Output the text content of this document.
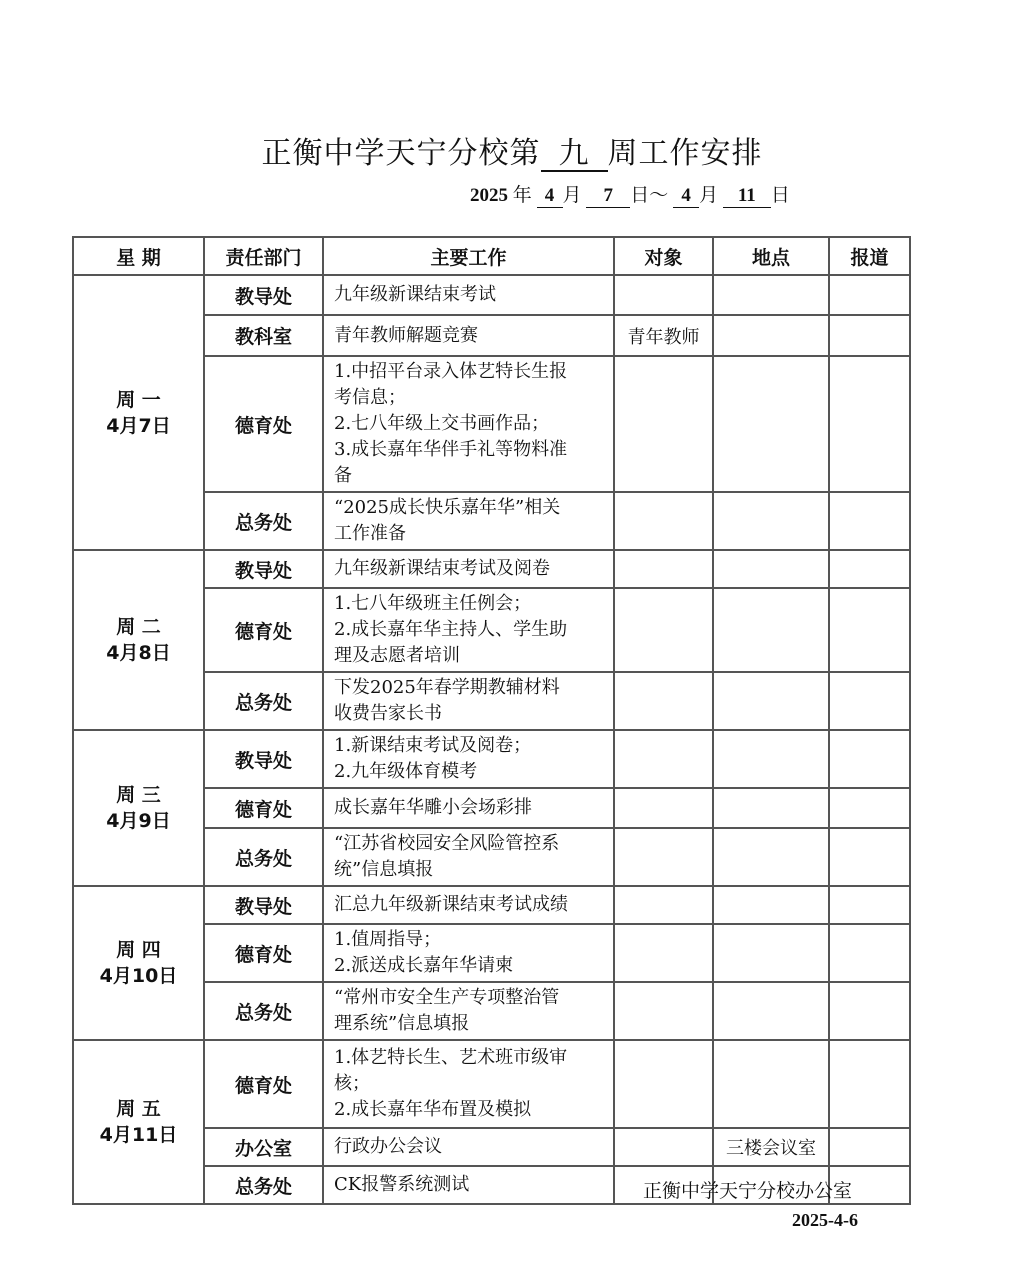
正衡中学天宁分校第 九 周工作安排
2025 年 4 月 7 日～ 4 月 11 日
星 期	责任部门	主要工作	对象	地点	报道

周 一
4月7日	教导处	九年级新课结束考试			

	教科室	青年教师解题竞赛	青年教师		
	德育处	1.中招平台录入体艺特长生报
考信息；
2.七八年级上交书画作品；
3.成长嘉年华伴手礼等物料准
备			

	总务处	“2025成长快乐嘉年华”相关
工作准备			

周 二
4月8日	教导处	九年级新课结束考试及阅卷			

	德育处	1.七八年级班主任例会；
2.成长嘉年华主持人、学生助
理及志愿者培训			

	总务处	下发2025年春学期教辅材料
收费告家长书			

周 三
4月9日	教导处	1.新课结束考试及阅卷；
2.九年级体育模考			

	德育处	成长嘉年华雕小会场彩排			

	总务处	“江苏省校园安全风险管控系
统”信息填报			

周 四
4月10日	教导处	汇总九年级新课结束考试成绩			

	德育处	1.值周指导；
2.派送成长嘉年华请柬			

	总务处	“常州市安全生产专项整治管
理系统”信息填报			

周 五
4月11日	德育处	1.体艺特长生、艺术班市级审
核；
2.成长嘉年华布置及模拟			

	办公室	行政办公会议		三楼会议室	
	总务处	CK报警系统测试			
				正衡中学天宁分校办公室
2025-4-6
